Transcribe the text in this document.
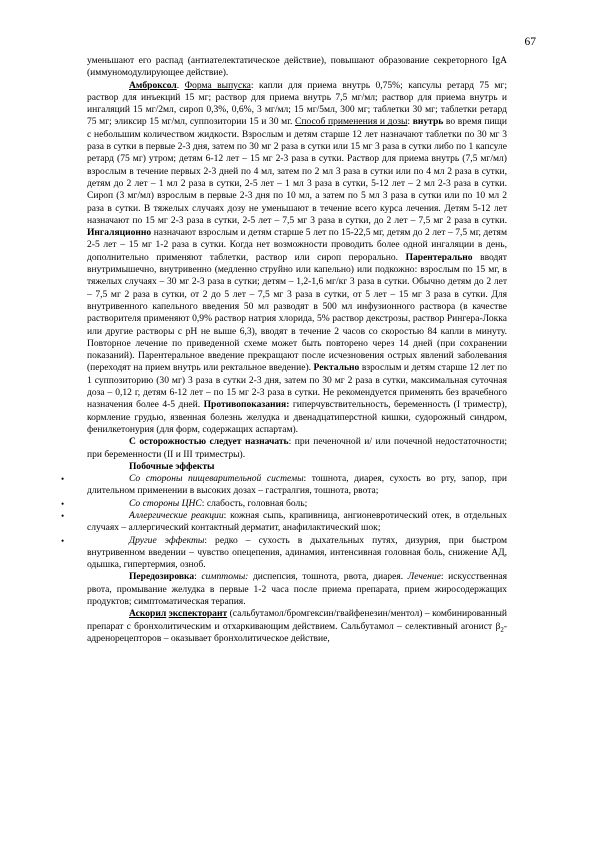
67

уменьшают его распад (антиателектатическое действие), повышают образование секреторного IgA (иммуномодулирующее действие).

Амброксол. Форма выпуска: капли для приема внутрь 0,75%; капсулы ретард 75 мг; раствор для инъекций 15 мг; раствор для приема внутрь 7,5 мг/мл; раствор для приема внутрь и ингаляций 15 мг/2мл, сироп 0,3%, 0,6%, 3 мг/мл; 15 мг/5мл, 300 мг; таблетки 30 мг; таблетки ретард 75 мг; эликсир 15 мг/мл, суппозитории 15 и 30 мг. Способ применения и дозы: внутрь во время пищи с небольшим количеством жидкости. Взрослым и детям старше 12 лет назначают таблетки по 30 мг 3 раза в сутки в первые 2-3 дня, затем по 30 мг 2 раза в сутки или 15 мг 3 раза в сутки либо по 1 капсуле ретард (75 мг) утром; детям 6-12 лет – 15 мг 2-3 раза в сутки. Раствор для приема внутрь (7,5 мг/мл) взрослым в течение первых 2-3 дней по 4 мл, затем по 2 мл 3 раза в сутки или по 4 мл 2 раза в сутки, детям до 2 лет – 1 мл 2 раза в сутки, 2-5 лет – 1 мл 3 раза в сутки, 5-12 лет – 2 мл 2-3 раза в сутки. Сироп (3 мг/мл) взрослым в первые 2-3 дня по 10 мл, а затем по 5 мл 3 раза в сутки или по 10 мл 2 раза в сутки. В тяжелых случаях дозу не уменьшают в течение всего курса лечения. Детям 5-12 лет назначают по 15 мг 2-3 раза в сутки, 2-5 лет – 7,5 мг 3 раза в сутки, до 2 лет – 7,5 мг 2 раза в сутки. Ингаляционно назначают взрослым и детям старше 5 лет по 15-22,5 мг, детям до 2 лет – 7,5 мг, детям 2-5 лет – 15 мг 1-2 раза в сутки. Когда нет возможности проводить более одной ингаляции в день, дополнительно применяют таблетки, раствор или сироп перорально. Парентерально вводят внутримышечно, внутривенно (медленно струйно или капельно) или подкожно: взрослым по 15 мг, в тяжелых случаях – 30 мг 2-3 раза в сутки; детям – 1,2-1,6 мг/кг 3 раза в сутки. Обычно детям до 2 лет – 7,5 мг 2 раза в сутки, от 2 до 5 лет – 7,5 мг 3 раза в сутки, от 5 лет – 15 мг 3 раза в сутки. Для внутривенного капельного введения 50 мл разводят в 500 мл инфузионного раствора (в качестве растворителя применяют 0,9% раствор натрия хлорида, 5% раствор декстрозы, раствор Рингера-Локка или другие растворы с рН не выше 6,3), вводят в течение 2 часов со скоростью 84 капли в минуту. Повторное лечение по приведенной схеме может быть повторено через 14 дней (при сохранении показаний). Парентеральное введение прекращают после исчезновения острых явлений заболевания (переходят на прием внутрь или ректальное введение). Ректально взрослым и детям старше 12 лет по 1 суппозиторию (30 мг) 3 раза в сутки 2-3 дня, затем по 30 мг 2 раза в сутки, максимальная суточная доза – 0,12 г, детям 6-12 лет – по 15 мг 2-3 раза в сутки. Не рекомендуется применять без врачебного назначения более 4-5 дней. Противопоказания: гиперчувствительность, беременность (I триместр), кормление грудью, язвенная болезнь желудка и двенадцатиперстной кишки, судорожный синдром, фенилкетонурия (для форм, содержащих аспартам).

С осторожностью следует назначать: при печеночной и/ или почечной недостаточности; при беременности (II и III триместры).

Побочные эффекты

•	Со стороны пищеварительной системы: тошнота, диарея, сухость во рту, запор, при длительном применении в высоких дозах – гастралгия, тошнота, рвота;
•	Со стороны ЦНС: слабость, головная боль;
•	Аллергические реакции: кожная сыпь, крапивница, ангионевротический отек, в отдельных случаях – аллергический контактный дерматит, анафилактический шок;
•	Другие эффекты: редко – сухость в дыхательных путях, дизурия, при быстром внутривенном введении – чувство опецепения, адинамия, интенсивная головная боль, снижение АД, одышка, гипертермия, озноб.

Передозировка: симптомы: диспепсия, тошнота, рвота, диарея. Лечение: искусственная рвота, промывание желудка в первые 1-2 часа после приема препарата, прием жиросодержащих продуктов; симптоматическая терапия.

Аскорил экспекторант (сальбутамол/бромгексин/гвайфенезин/ментол) – комбинированный препарат с бронхолитическим и отхаркивающим действием. Сальбутамол – селективный агонист $\beta_2$-адренорецепторов – оказывает бронхолитическое действие,
